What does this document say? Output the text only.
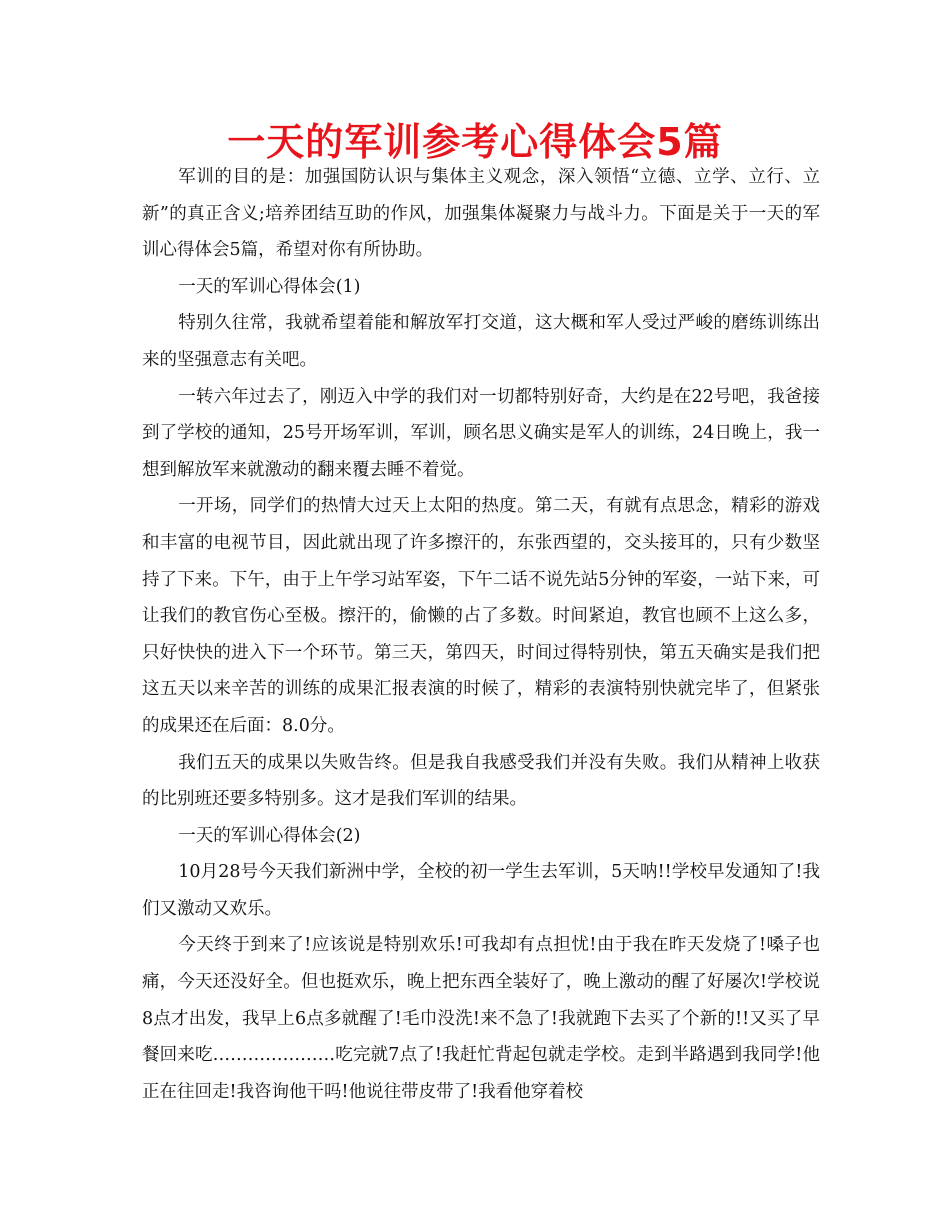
一天的军训参考心得体会5篇

军训的目的是：加强国防认识与集体主义观念，深入领悟“立德、立学、立行、立新”的真正含义;培养团结互助的作风，加强集体凝聚力与战斗力。下面是关于一天的军训心得体会5篇，希望对你有所协助。

一天的军训心得体会(1)

特别久往常，我就希望着能和解放军打交道，这大概和军人受过严峻的磨练训练出来的坚强意志有关吧。

一转六年过去了，刚迈入中学的我们对一切都特别好奇，大约是在22号吧，我爸接到了学校的通知，25号开场军训，军训，顾名思义确实是军人的训练，24日晚上，我一想到解放军来就激动的翻来覆去睡不着觉。

一开场，同学们的热情大过天上太阳的热度。第二天，有就有点思念，精彩的游戏和丰富的电视节目，因此就出现了许多擦汗的，东张西望的，交头接耳的，只有少数坚持了下来。下午，由于上午学习站军姿，下午二话不说先站5分钟的军姿，一站下来，可让我们的教官伤心至极。擦汗的，偷懒的占了多数。时间紧迫，教官也顾不上这么多，只好快快的进入下一个环节。第三天，第四天，时间过得特别快，第五天确实是我们把这五天以来辛苦的训练的成果汇报表演的时候了，精彩的表演特别快就完毕了，但紧张的成果还在后面：8.0分。

我们五天的成果以失败告终。但是我自我感受我们并没有失败。我们从精神上收获的比别班还要多特别多。这才是我们军训的结果。

一天的军训心得体会(2)

10月28号今天我们新洲中学，全校的初一学生去军训，5天呐!!学校早发通知了!我们又激动又欢乐。

今天终于到来了!应该说是特别欢乐!可我却有点担忧!由于我在昨天发烧了!嗓子也痛，今天还没好全。但也挺欢乐，晚上把东西全装好了，晚上激动的醒了好屡次!学校说8点才出发，我早上6点多就醒了!毛巾没洗!来不急了!我就跑下去买了个新的!!又买了早餐回来吃…………………吃完就7点了!我赶忙背起包就走学校。走到半路遇到我同学!他正在往回走!我咨询他干吗!他说往带皮带了!我看他穿着校
